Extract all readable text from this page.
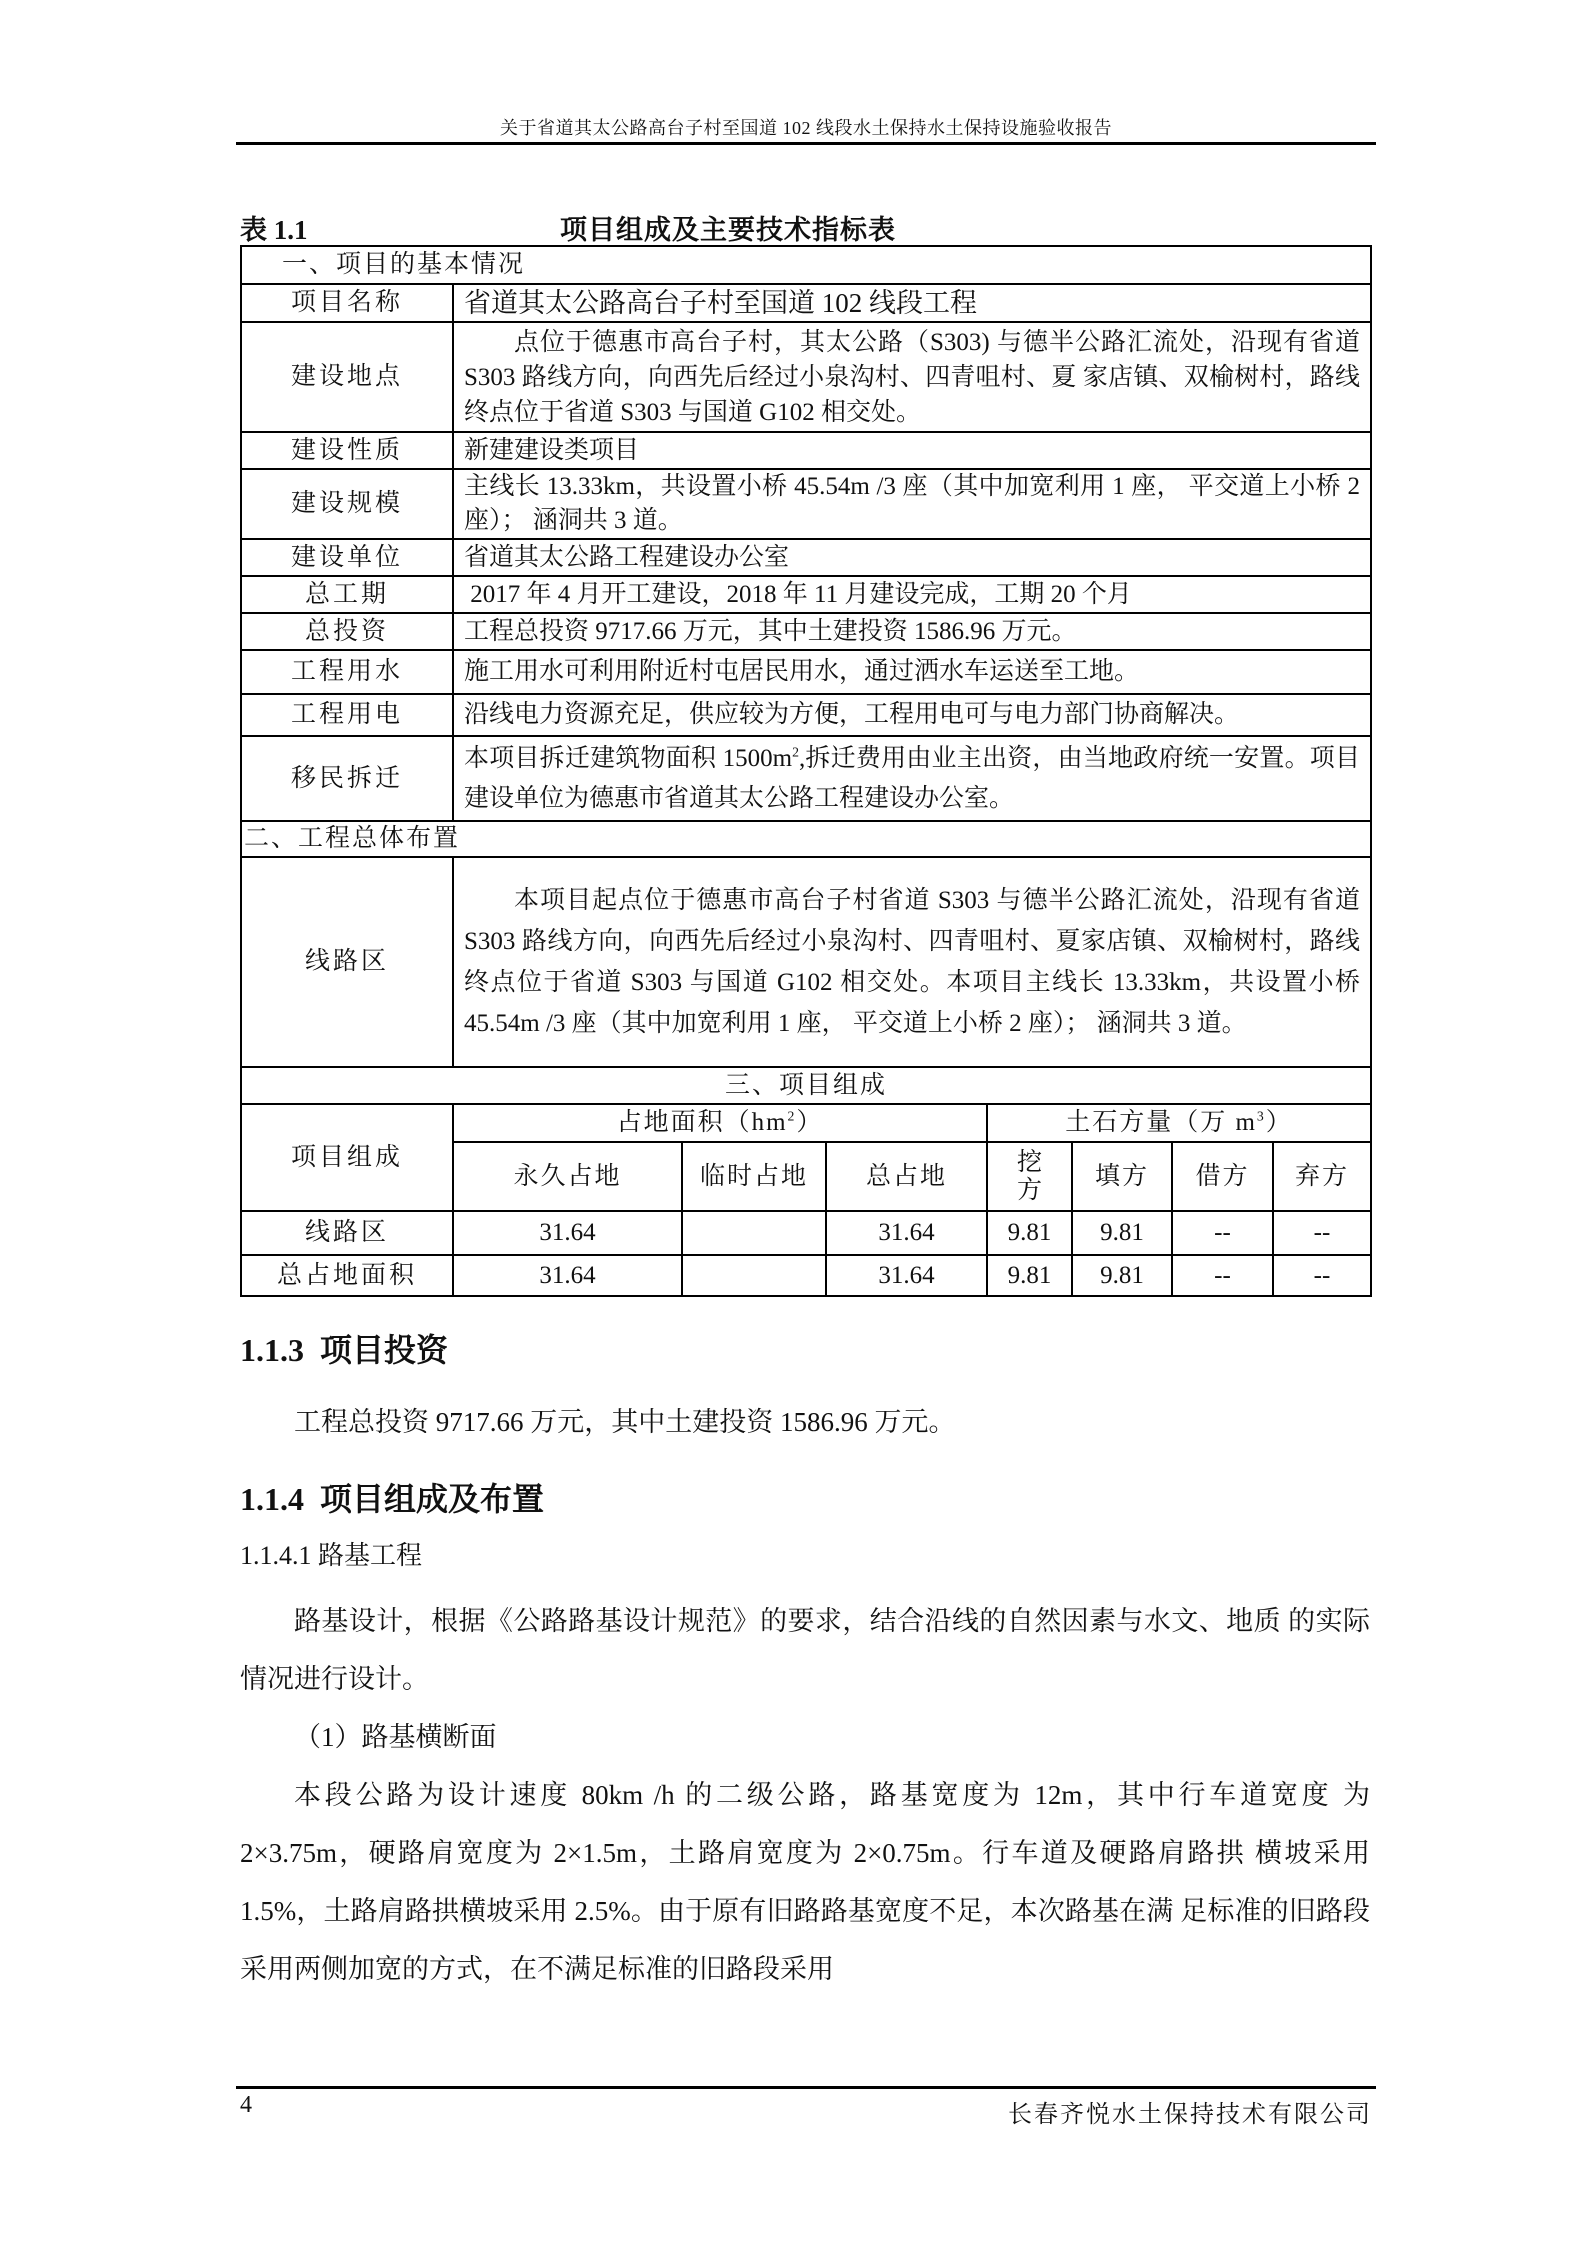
关于省道其太公路高台子村至国道 102 线段水土保持水土保持设施验收报告
表 1.1	项目组成及主要技术指标表
一、项目的基本情况							
项目名称	省道其太公路高台子村至国道 102 线段工程						
建设地点	点位于德惠市高台子村，其太公路（S303) 与德半公路汇流处，沿现有省道 S303 路线方向，向西先后经过小泉沟村、四青咀村、夏 家店镇、双榆树村，路线终点位于省道 S303 与国道 G102 相交处。						
建设性质	新建建设类项目						
建设规模	主线长 13.33km，共设置小桥 45.54m /3 座（其中加宽利用 1 座， 平交道上小桥 2 座）； 涵洞共 3 道。						
建设单位	省道其太公路工程建设办公室						
总工期	2017 年 4 月开工建设，2018 年 11 月建设完成，工期 20 个月						
总投资	工程总投资 9717.66 万元，其中土建投资 1586.96 万元。						
工程用水	施工用水可利用附近村屯居民用水，通过洒水车运送至工地。						
工程用电	沿线电力资源充足，供应较为方便，工程用电可与电力部门协商解决。						
移民拆迁	本项目拆迁建筑物面积 $1500m^2$,拆迁费用由业主出资，由当地政府统一安置。项目建设单位为德惠市省道其太公路工程建设办公室。						
二、工程总体布置							
线路区	本项目起点位于德惠市高台子村省道 S303 与德半公路汇流处，沿现有省道 S303 路线方向，向西先后经过小泉沟村、四青咀村、夏家店镇、双榆树村，路线终点位于省道 S303 与国道 G102 相交处。本项目主线长 13.33km，共设置小桥 45.54m /3 座（其中加宽利用 1 座， 平交道上小桥 2 座）； 涵洞共 3 道。						
三、项目组成							
项目组成	占地面积$(hm^2)$			土石方量（万 $m^3$）			
	永久占地	临时占地	总占地	挖方	填方	借方	弃方
线路区	31.64		31.64	9.81	9.81	--	--
总占地面积	31.64		31.64	9.81	9.81	--	--
1.1.3  项目投资
工程总投资 9717.66 万元，其中土建投资 1586.96 万元。
1.1.4  项目组成及布置
1.1.4.1 路基工程
路基设计，根据《公路路基设计规范》的要求，结合沿线的自然因素与水文、地质 的实际情况进行设计。
（1）路基横断面
本段公路为设计速度 80km /h 的二级公路，路基宽度为 12m，其中行车道宽度 为 2×3.75m，硬路肩宽度为 2×1.5m，土路肩宽度为 2×0.75m。行车道及硬路肩路拱 横坡采用 1.5%，土路肩路拱横坡采用 2.5%。由于原有旧路路基宽度不足，本次路基在满 足标准的旧路段采用两侧加宽的方式，在不满足标准的旧路段采用
4	长春齐悦水土保持技术有限公司
